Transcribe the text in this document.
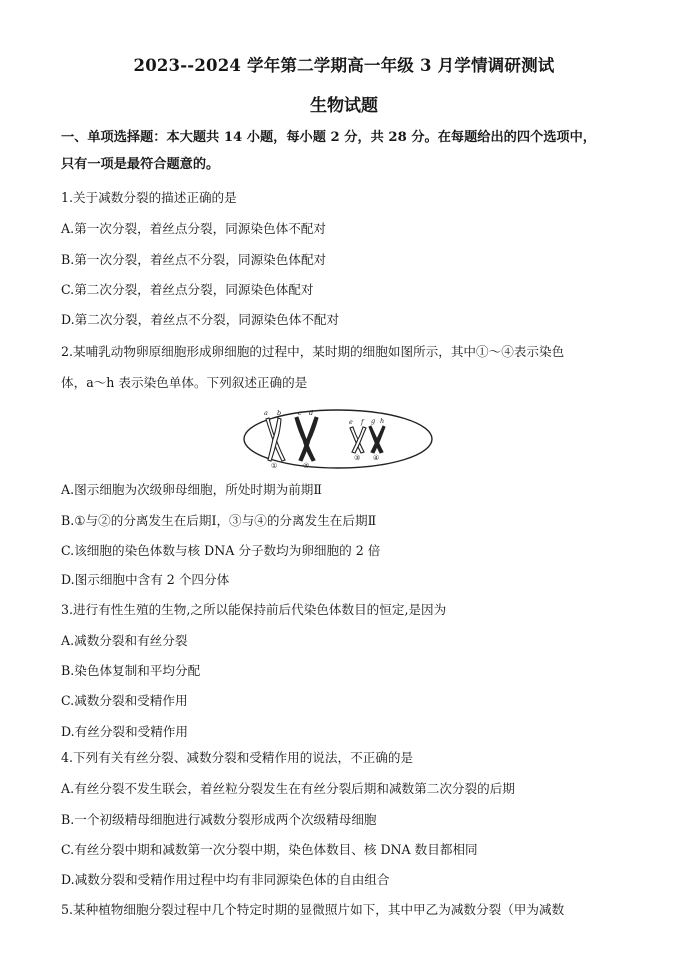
2023--2024 学年第二学期高一年级 3 月学情调研测试
生物试题
一、单项选择题：本大题共 14 小题，每小题 2 分，共 28 分。在每题给出的四个选项中，
只有一项是最符合题意的。
1.关于减数分裂的描述正确的是
A.第一次分裂，着丝点分裂，同源染色体不配对
B.第一次分裂，着丝点不分裂，同源染色体配对
C.第二次分裂，着丝点分裂，同源染色体配对
D.第二次分裂，着丝点不分裂，同源染色体不配对
2.某哺乳动物卵原细胞形成卵细胞的过程中，某时期的细胞如图所示，其中①～④表示染色
体，a～h 表示染色单体。下列叙述正确的是
a b	c d
e f g h
①	②
③ ④
A.图示细胞为次级卵母细胞，所处时期为前期Ⅱ
B.①与②的分离发生在后期Ⅰ，③与④的分离发生在后期Ⅱ
C.该细胞的染色体数与核 DNA 分子数均为卵细胞的 2 倍
D.图示细胞中含有 2 个四分体
3.进行有性生殖的生物,之所以能保持前后代染色体数目的恒定,是因为
A.减数分裂和有丝分裂
B.染色体复制和平均分配
C.减数分裂和受精作用
D.有丝分裂和受精作用
4.下列有关有丝分裂、减数分裂和受精作用的说法，不正确的是
A.有丝分裂不发生联会，着丝粒分裂发生在有丝分裂后期和减数第二次分裂的后期
B.一个初级精母细胞进行减数分裂形成两个次级精母细胞
C.有丝分裂中期和减数第一次分裂中期，染色体数目、核 DNA 数目都相同
D.减数分裂和受精作用过程中均有非同源染色体的自由组合
5.某种植物细胞分裂过程中几个特定时期的显微照片如下，其中甲乙为减数分裂（甲为减数
